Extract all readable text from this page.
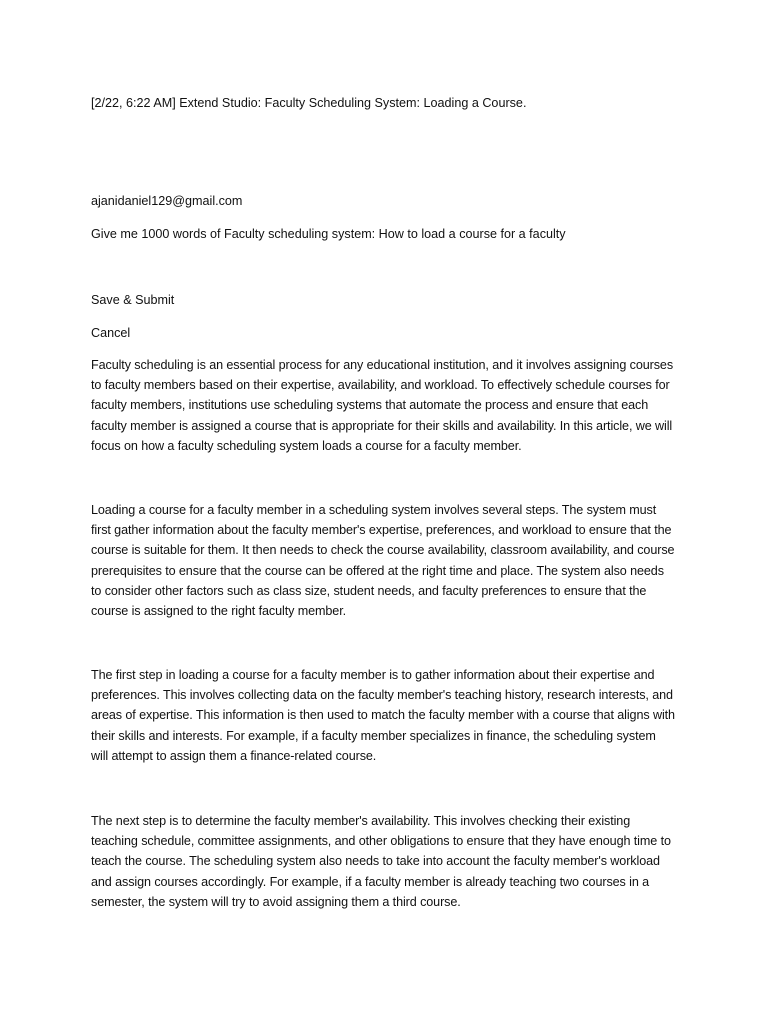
[2/22, 6:22 AM] Extend Studio: Faculty Scheduling System: Loading a Course.

ajanidaniel129@gmail.com

Give me 1000 words of Faculty scheduling system: How to load a course for a faculty

Save & Submit

Cancel

Faculty scheduling is an essential process for any educational institution, and it involves assigning courses to faculty members based on their expertise, availability, and workload. To effectively schedule courses for faculty members, institutions use scheduling systems that automate the process and ensure that each faculty member is assigned a course that is appropriate for their skills and availability. In this article, we will focus on how a faculty scheduling system loads a course for a faculty member.

Loading a course for a faculty member in a scheduling system involves several steps. The system must first gather information about the faculty member's expertise, preferences, and workload to ensure that the course is suitable for them. It then needs to check the course availability, classroom availability, and course prerequisites to ensure that the course can be offered at the right time and place. The system also needs to consider other factors such as class size, student needs, and faculty preferences to ensure that the course is assigned to the right faculty member.

The first step in loading a course for a faculty member is to gather information about their expertise and preferences. This involves collecting data on the faculty member's teaching history, research interests, and areas of expertise. This information is then used to match the faculty member with a course that aligns with their skills and interests. For example, if a faculty member specializes in finance, the scheduling system will attempt to assign them a finance-related course.

The next step is to determine the faculty member's availability. This involves checking their existing teaching schedule, committee assignments, and other obligations to ensure that they have enough time to teach the course. The scheduling system also needs to take into account the faculty member's workload and assign courses accordingly. For example, if a faculty member is already teaching two courses in a semester, the system will try to avoid assigning them a third course.
